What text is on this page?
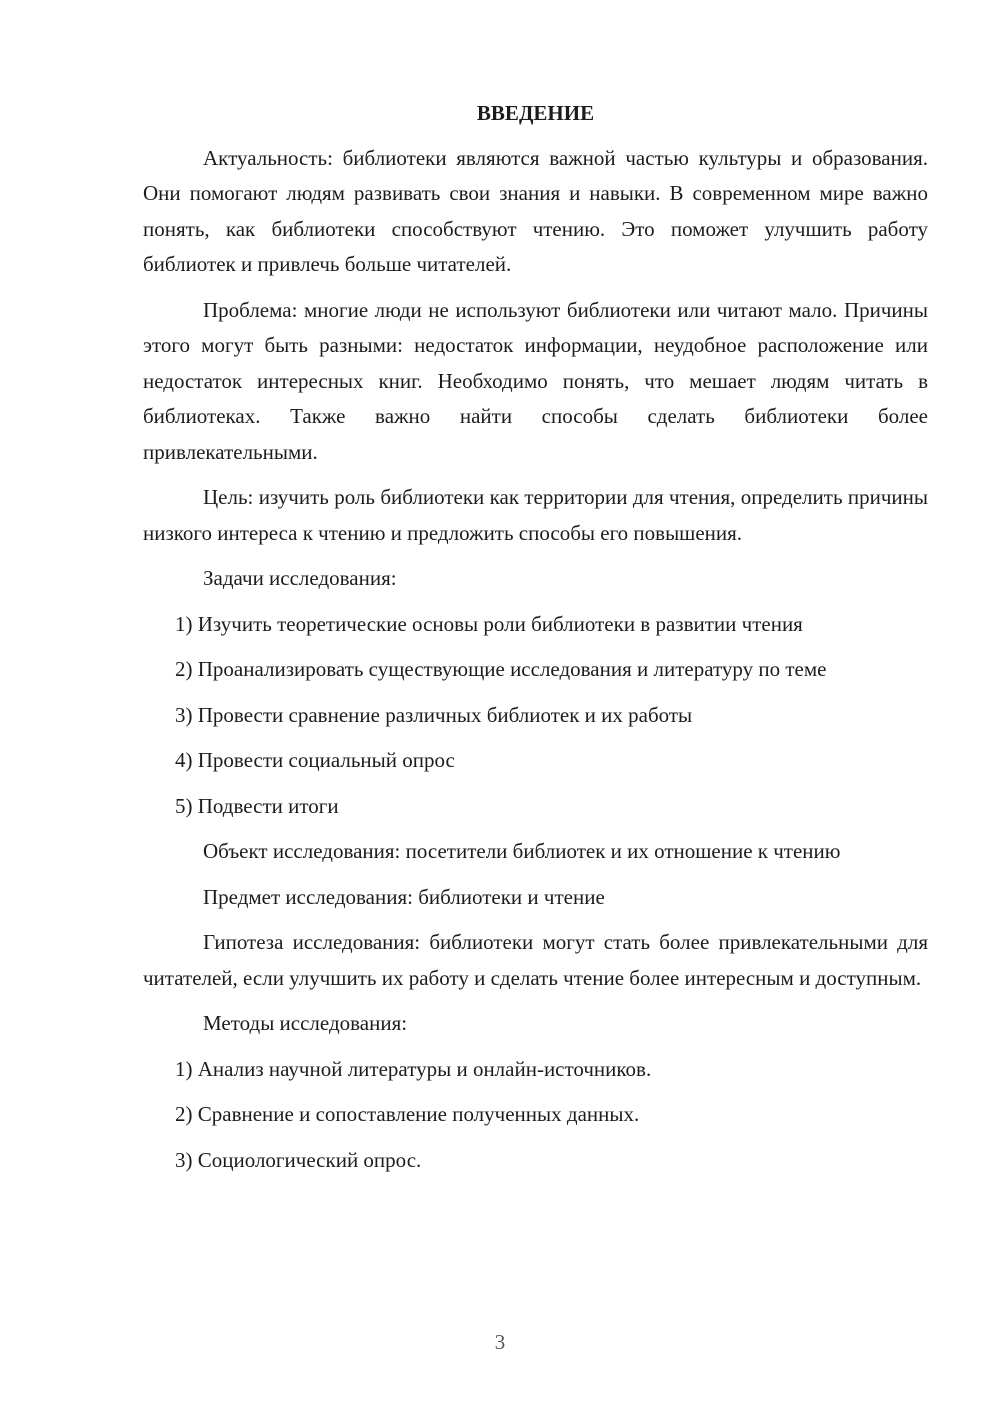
ВВЕДЕНИЕ

Актуальность: библиотеки являются важной частью культуры и образования. Они помогают людям развивать свои знания и навыки. В современном мире важно понять, как библиотеки способствуют чтению. Это поможет улучшить работу библиотек и привлечь больше читателей.

Проблема: многие люди не используют библиотеки или читают мало. Причины этого могут быть разными: недостаток информации, неудобное расположение или недостаток интересных книг. Необходимо понять, что мешает людям читать в библиотеках. Также важно найти способы сделать библиотеки более привлекательными.

Цель: изучить роль библиотеки как территории для чтения, определить причины низкого интереса к чтению и предложить способы его повышения.

Задачи исследования:

1) Изучить теоретические основы роли библиотеки в развитии чтения

2) Проанализировать существующие исследования и литературу по теме

3) Провести сравнение различных библиотек и их работы

4) Провести социальный опрос

5) Подвести итоги

Объект исследования: посетители библиотек и их отношение к чтению

Предмет исследования: библиотеки и чтение

Гипотеза исследования: библиотеки могут стать более привлекательными для читателей, если улучшить их работу и сделать чтение более интересным и доступным.

Методы исследования:

1) Анализ научной литературы и онлайн-источников.

2) Сравнение и сопоставление полученных данных.

3) Социологический опрос.

3
